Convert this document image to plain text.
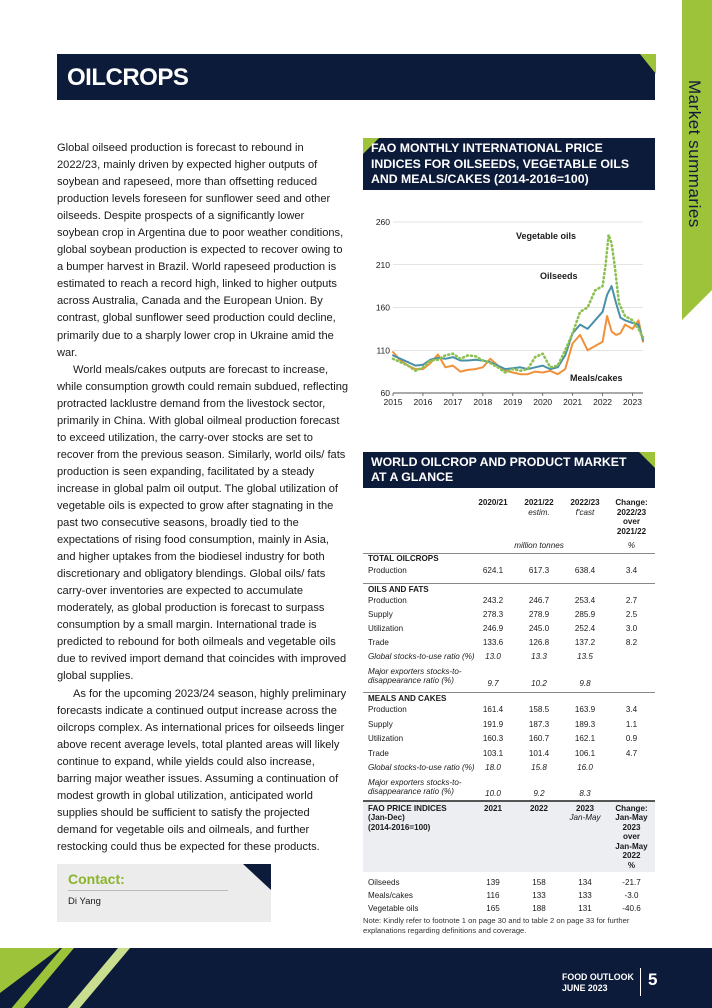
OILCROPS
Market summaries

Global oilseed production is forecast to rebound in 2022/23, mainly driven by expected higher outputs of soybean and rapeseed, more than offsetting reduced production levels foreseen for sunflower seed and other oilseeds. Despite prospects of a significantly lower soybean crop in Argentina due to poor weather conditions, global soybean production is expected to recover owing to a bumper harvest in Brazil. World rapeseed production is estimated to reach a record high, linked to higher outputs across Australia, Canada and the European Union. By contrast, global sunflower seed production could decline, primarily due to a sharply lower crop in Ukraine amid the war.

World meals/cakes outputs are forecast to increase, while consumption growth could remain subdued, reflecting protracted lacklustre demand from the livestock sector, primarily in China. With global oilmeal production forecast to exceed utilization, the carry-over stocks are set to recover from the previous season. Similarly, world oils/ fats production is seen expanding, facilitated by a steady increase in global palm oil output. The global utilization of vegetable oils is expected to grow after stagnating in the past two consecutive seasons, broadly tied to the expectations of rising food consumption, mainly in Asia, and higher uptakes from the biodiesel industry for both discretionary and obligatory blendings. Global oils/ fats carry-over inventories are expected to accumulate moderately, as global production is forecast to surpass consumption by a small margin. International trade is predicted to rebound for both oilmeals and vegetable oils due to revived import demand that coincides with improved global supplies.

As for the upcoming 2023/24 season, highly preliminary forecasts indicate a continued output increase across the oilcrops complex. As international prices for oilseeds linger above recent average levels, total planted areas will likely continue to expand, while yields could also increase, barring major weather issues. Assuming a continuation of modest growth in global utilization, anticipated world supplies should be sufficient to satisfy the projected demand for vegetable oils and oilmeals, and further restocking could thus be expected for these products.

Contact:
Di Yang
FAO MONTHLY INTERNATIONAL PRICE INDICES FOR OILSEEDS, VEGETABLE OILS AND MEALS/CAKES (2014-2016=100)
60
110
160
210
260
2015 2016 2017 2018 2019 2020 2021 2022 2023
Vegetable oils
Oilseeds
Meals/cakes
WORLD OILCROP AND PRODUCT MARKET AT A GLANCE
2020/21	2021/22
estim.
2022/23
f'cast
Change:
2022/23
over
2021/22
million tonnes	%
TOTAL OILCROPS
Production	624.1	617.3	638.4	3.4
OILS AND FATS
Production	243.2	246.7	253.4	2.7
Supply	278.3	278.9	285.9	2.5
Utilization	246.9	245.0	252.4	3.0
Trade	133.6	126.8	137.2	8.2
Global stocks-to-use ratio (%)	13.0	13.3	13.5
Major exporters stocks-to-
disappearance ratio (%)	9.7	10.2	9.8
MEALS AND CAKES
Production	161.4	158.5	163.9	3.4
Supply	191.9	187.3	189.3	1.1
Utilization	160.3	160.7	162.1	0.9
Trade	103.1	101.4	106.1	4.7
Global stocks-to-use ratio (%)	18.0	15.8	16.0
Major exporters stocks-to-
disappearance ratio (%)	10.0	9.2	8.3
FAO PRICE INDICES
(Jan-Dec)
(2014-2016=100)
2021	2022	2023
Jan-May
Change:
Jan-May
2023
over
Jan-May
2022
%
Oilseeds	139	158	134	-21.7
Meals/cakes	116	133	133	-3.0
Vegetable oils	165	188	131	-40.6
Note: Kindly refer to footnote 1 on page 30 and to table 2 on page 33 for further explanations regarding definitions and coverage.
FOOD OUTLOOK
JUNE 2023	5
